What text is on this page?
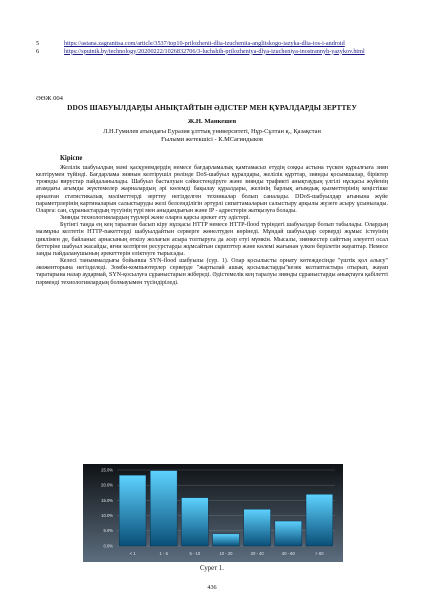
5	https://astana.zagranitsa.com/article/3537/top10-prilozhenii-dlia-izucheniia-angliiskogo-iazyka-dlia-ios-i-android
6	https://sputnik.by/technology/20200222/1026832706/3-luchshih-prilozheniya-dlya-izucheniya-inostrannyh-yazykov.html
ӘӨЖ 004
DDOS ШАБУЫЛДАРДЫ АНЫҚТАЙТЫН ӘДІСТЕР МЕН ҚҰРАЛДАРДЫ ЗЕРТТЕУ
Ж.Н. Манкешев
Л.Н.Гумилев атындағы Еуразия ұлттық университеті, Нұр-Сұлтан қ., Қазақстан
Ғылыми жетекшісі - К.МСагиндыков
Кіріспе

Желілік шабуылдың мәні қасқүнемдердің немесе бағдарламалық қамтамасыз етудің соққы астына түскен құрылғыға зиян келтірумен түйінді. Бағдарлама зиянын келтірушіл рөлінде DoS-шабуыл құралдары, желілік құрттар, зиянды қосымшалар, біріктер троянды вирустар пайдаланылады. Шабуыл басталуын сәйкестендіруге және зиянды трафикті анықтаудың үлгілі нұсқасы жүйенің атамдағы ағымды жүктемелер жарналардың әрі көлемді бақылау құралдары, желінің барлық ағымдық қызметтерінің кеңістікке арналған статистикалық мәліметтерді зерттеу негізделген техникалар болып саналады. DDoS-шабуылдар ағынына жүйе параметрлерінің картиналарын салыстыруды желі белсенділігін әртүрлі сипаттамаларын салыстыру арқылы жүзеге асыру ұсынылады. Оларға: сан, сұраныстардың түсуінің түрі мен аныдамдығын және IP - адрестерін жатқызуға болады.

Зиянды технологиялардың түрлері және оларға қарсы әрекет ету әдістері.

Бүгінгі таңда ең кең таралған басып кіру нұсқасы HTTP немесе HTTP-flood түріндегі шабуылдар болып табылады. Олардың мазмұны келтетін HTTP-пакеттерді шабуылдайтын серверге жөнелтуден көрінеді. Мұндай шабуылдар серверді жұмыс істеуінің циклімен де, байланыс арнасының өткізу жолағын асыра толтыруға да әсер етуі мүмкін. Мысалы, зиянкестер сайттың әлеуетті осал беттеріне шабуыл жасайды, яғни келтірген ресурстарды жұмсайтын скрипттер және көлемі жағынан үлкен берілетін жауаптар. Немесе заңды пайдаланушының әрекеттерін еліктеуге тырысады.

Келесі таныммалдығы бойынша SYN-flood шабуылы (сур. 1). Олар қосылысты орнату көтеждесінде "үштік қол алысу" әкоженторына негізделеді. Зомби-компьютерлер серверде "жартылай ашық қосылыстарды"кезек келтаптастыра отырып, жауап таратарына назар аудармай, SYN-қосылуға сұраныстарын жібереді. Әдістемелік кең таралуы зиянды сұраныстарды анықтауға қабілетті пәрменді технологиялардың болмауымен түсіндіріледі.

0.0%
5.0%
10.0%
15.0%
20.0%
25.0%
< 1	1 - 5	5 - 10	10 - 20	20 - 40	40 - 60	> 60
Сурет 1.
436
